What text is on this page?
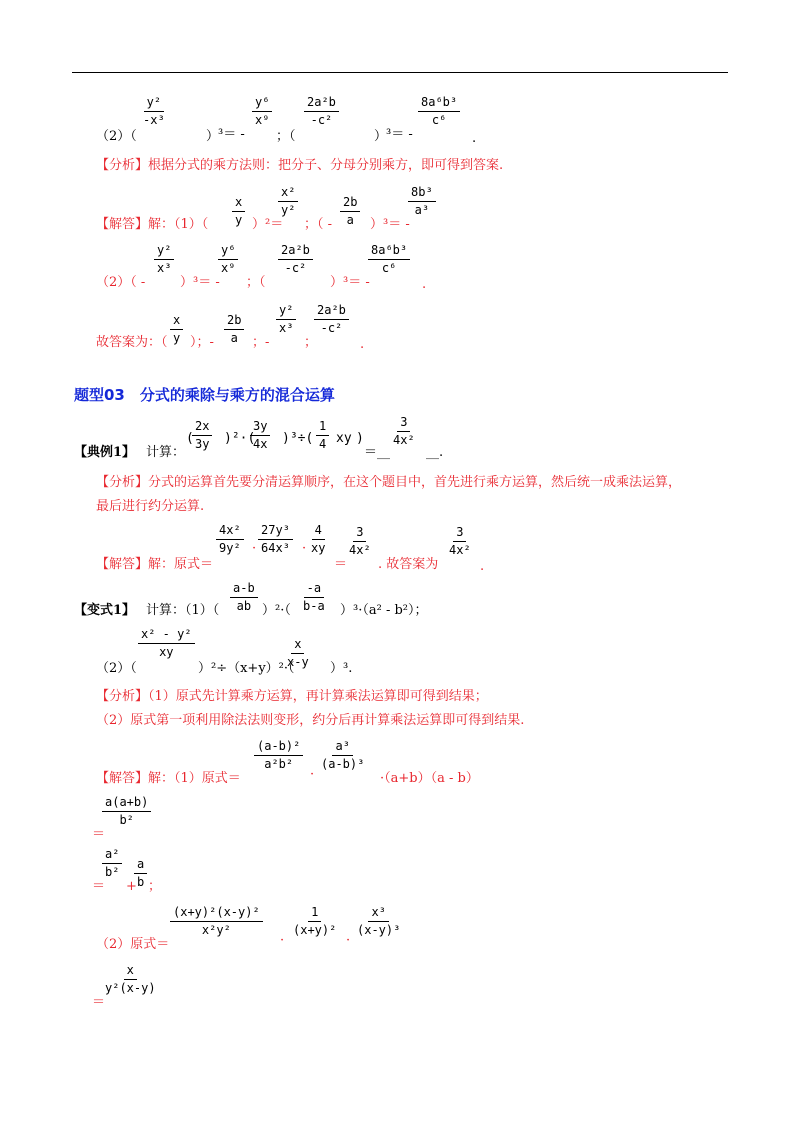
（2）（
$\frac{\text{y²}}{\text{-x³}}$
）
³＝ -
$\frac{\text{y⁶}}{\text{x⁹}}$
；（
$\frac{\text{2a²b}}{\text{-c²}}$
）
³＝ -
$\frac{\text{8a⁶b³}}{\text{c⁶}}$
.
【分析】根据分式的乘方法则：把分子、分母分别乘方，即可得到答案.
【解答】解：$(1)( \frac{x}{y} )^2=$
$\frac{\text{x²}}{\text{y²}}$
；（ - $\frac{2b}{a} )^3=$ -
$\frac{\text{8b³}}{\text{a³}}$
（2）（ -
$\frac{\text{y²}}{\text{x³}}$
）³＝ -
$\frac{\text{y⁶}}{\text{x⁹}}$
；（
$\frac{\text{2a²b}}{\text{-c²}}$
）³＝ -
$\frac{\text{8a⁶b³}}{\text{c⁶}}$
.
故答案为：（ $\frac{x}{y}$ ）；- $\frac{2b}{a}$ ；-
$\frac{\text{y²}}{\text{x³}}$
；
$\frac{\text{2a²b}}{\text{-c²}}$
.
题型03　分式的乘除与乘方的混合运算
【典例1】 计算：
(
$\frac{2x}{3y} )^2\cdot$(
$\frac{3y}{4x} )^3\div( \frac{1}{4}$ xy )
＝__
$\frac{3}{\text{4x²}}$
__.
【分析】分式的运算首先要分清运算顺序，在这个题目中，首先进行乘方运算，然后统一成乘法运算，
最后进行约分运算.
【解答】解：原式＝
$\frac{\text{4x²}}{\text{9y²}} \cdot \frac{\text{27y³}}{\text{64x³}} \cdot \frac{4}{xy}$
＝
$\frac{3}{\text{4x²}}$
. 故答案为
$\frac{3}{\text{4x²}}$
.
【变式1】 计算：$(1)( \frac{a-b}{ab} )^2\cdot( \frac{-a}{b-a} )^3\cdot(a^2 - b^2)$；
（2）（
$\frac{\text{x² - y²}}{xy}$
）²÷（x+y）²·（
$\frac{x}{x-y}$
）³.
【分析】（1）原式先计算乘方运算，再计算乘法运算即可得到结果；
（2）原式第一项利用除法法则变形，约分后再计算乘法运算即可得到结果.
【解答】解：（1）原式＝
$\frac{\text{(a-b)²}}{\text{a²b²}}$
·
$\frac{\text{a³}}{\text{(a-b)³}}$
·（a+b）（a - b）
＝
$\frac{a(a+b)}{\text{b²}}$
＝
$\frac{\text{a²}}{\text{b²}}$
+
$\frac{a}{b}$ ；
（2）原式＝
$\frac{\text{(x+y)²(x-y)²}}{\text{x²y²}}$
·
$\frac{1}{\text{(x+y)²}}$
·
$\frac{\text{x³}}{\text{(x-y)³}}$
＝
$\frac{x}{\text{y²(x-y)}}$
